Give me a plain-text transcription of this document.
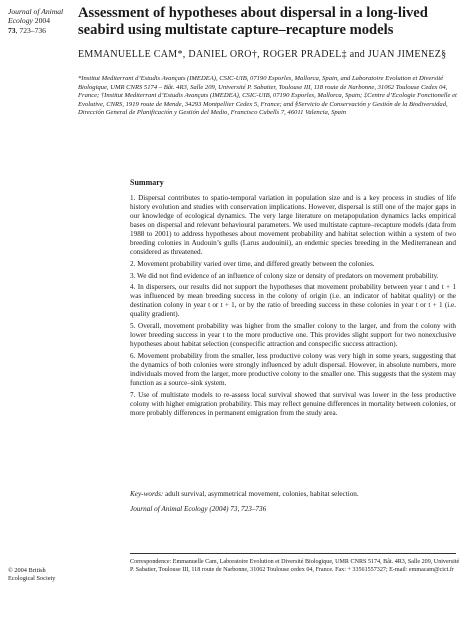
Journal of Animal
Ecology 2004
73, 723–736
Assessment of hypotheses about dispersal in a long-lived seabird using multistate capture–recapture models
EMMANUELLE CAM*, DANIEL ORO†, ROGER PRADEL‡ and JUAN JIMENEZ§
*Institut Mediterrani d’Estudis Avançats (IMEDEA), CSIC-UIB, 07190 Esporles, Mallorca, Spain, and Laboratoire Evolution et Diversité Biologique, UMR CNRS 5174 – Bât. 4R3, Salle 209, Université P. Sabatier, Toulouse III, 118 route de Narbonne, 31062 Toulouse Cedex 04, France; †Institut Mediterrani d’Estudis Avançats (IMEDEA), CSIC-UIB, 07190 Esporles, Mallorca, Spain; ‡Centre d’Ecologie Fonctionelle et Evolutive, CNRS, 1919 route de Mende, 34293 Montpellier Cedex 5, France; and §Servicio de Conservación y Gestión de la Biodiversidad, Dirección General de Planificación y Gestión del Medio, Francisco Cubells 7, 46011 Valencia, Spain
Summary

1. Dispersal contributes to spatio-temporal variation in population size and is a key process in studies of life history evolution and studies with conservation implications. However, dispersal is still one of the major gaps in our knowledge of ecological dynamics. The very large literature on metapopulation dynamics lacks empirical bases on dispersal and relevant behavioural parameters. We used multistate capture–recapture models (data from 1988 to 2001) to address hypotheses about movement probability and habitat selection within a system of two breeding colonies in Audouin’s gulls (Larus audouinii), an endemic species breeding in the Mediterranean and considered as threatened.

2. Movement probability varied over time, and differed greatly between the colonies.

3. We did not find evidence of an influence of colony size or density of predators on movement probability.

4. In dispersers, our results did not support the hypotheses that movement probability between year t and t + 1 was influenced by mean breeding success in the colony of origin (i.e. an indicator of habitat quality) or the destination colony in year t or t + 1, or by the ratio of breeding success in these colonies in year t or t + 1 (i.e. quality gradient).

5. Overall, movement probability was higher from the smaller colony to the larger, and from the colony with lower breeding success in year t to the more productive one. This provides slight support for two nonexclusive hypotheses about habitat selection (conspecific attraction and conspecific success attraction).

6. Movement probability from the smaller, less productive colony was very high in some years, suggesting that the dynamics of both colonies were strongly influenced by adult dispersal. However, in absolute numbers, more individuals moved from the larger, more productive colony to the smaller one. This suggests that the system may function as a source–sink system.

7. Use of multistate models to re-assess local survival showed that survival was lower in the less productive colony with higher emigration probability. This may reflect genuine differences in mortality between colonies, or more probably differences in permanent emigration from the study area.

Key-words: adult survival, asymmetrical movement, colonies, habitat selection.
Journal of Animal Ecology (2004) 73, 723–736
Correspondence: Emmanuelle Cam, Laboratoire Evolution et Diversité Biologique, UMR CNRS 5174, Bât. 4R3, Salle 209, Université P. Sabatier, Toulouse III, 118 route de Narbonne, 31062 Toulouse cedex 04, France. Fax: + 33561557327; E-mail: emmacam@cict.fr
© 2004 British
Ecological Society
